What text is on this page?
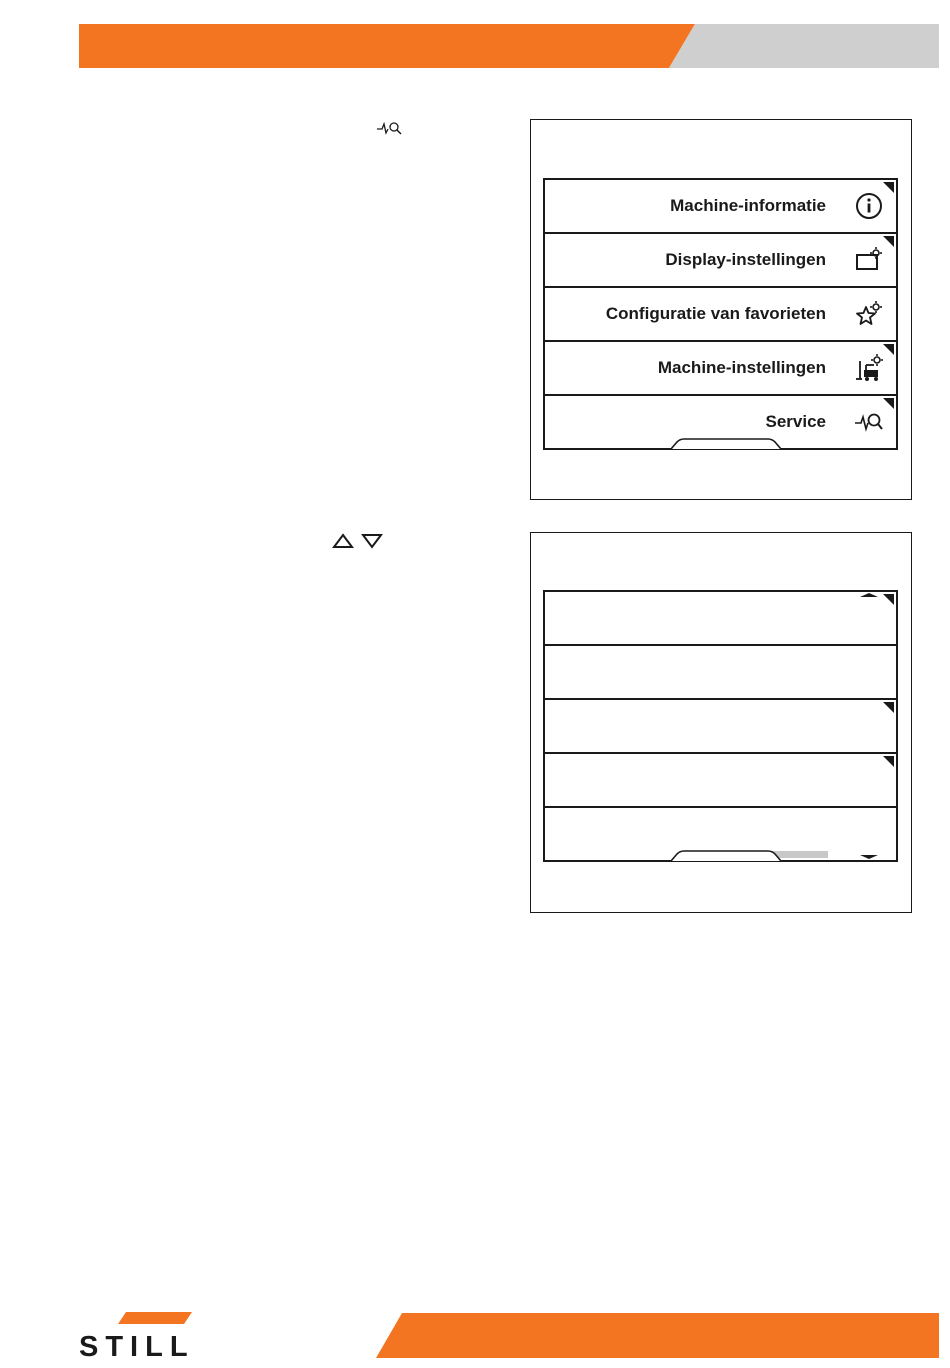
Machine-informatie
Display-instellingen
Configuratie van favorieten
Machine-instellingen
Service
STILL
